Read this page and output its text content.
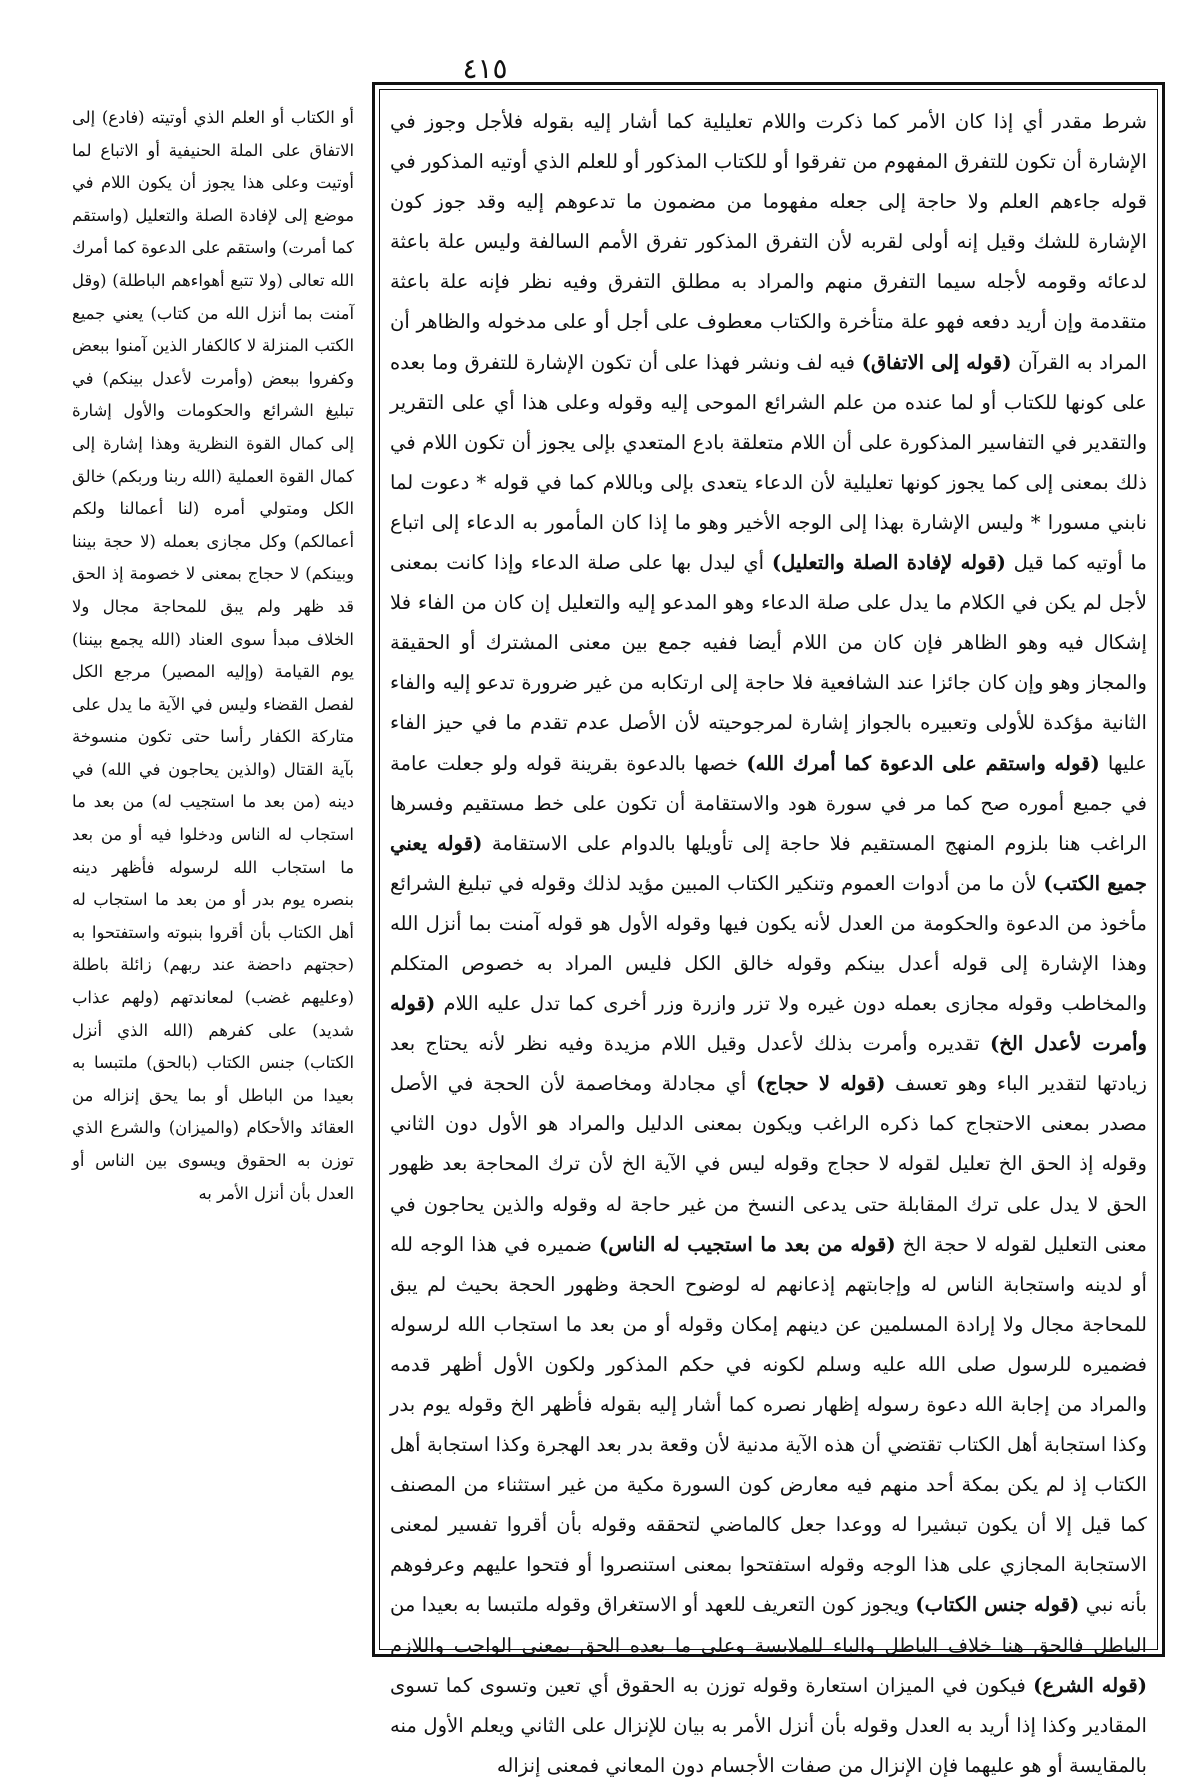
٤١٥

أو الكتاب أو العلم الذي أوتيته (فادع) إلى الاتفاق على الملة الحنيفية أو الاتباع لما أوتيت وعلى هذا يجوز أن يكون اللام في موضع إلى لإفادة الصلة والتعليل (واستقم كما أمرت) واستقم على الدعوة كما أمرك الله تعالى (ولا تتبع أهواءهم الباطلة) (وقل آمنت بما أنزل الله من كتاب) يعني جميع الكتب المنزلة لا كالكفار الذين آمنوا ببعض وكفروا ببعض (وأمرت لأعدل بينكم) في تبليغ الشرائع والحكومات والأول إشارة إلى كمال القوة النظرية وهذا إشارة إلى كمال القوة العملية (الله ربنا وربكم) خالق الكل ومتولي أمره (لنا أعمالنا ولكم أعمالكم) وكل مجازى بعمله (لا حجة بيننا وبينكم) لا حجاج بمعنى لا خصومة إذ الحق قد ظهر ولم يبق للمحاجة مجال ولا الخلاف مبدأ سوى العناد (الله يجمع بيننا) يوم القيامة (وإليه المصير) مرجع الكل لفصل القضاء وليس في الآية ما يدل على متاركة الكفار رأسا حتى تكون منسوخة بآية القتال (والذين يحاجون في الله) في دينه (من بعد ما استجيب له) من بعد ما استجاب له الناس ودخلوا فيه أو من بعد ما استجاب الله لرسوله فأظهر دينه بنصره يوم بدر أو من بعد ما استجاب له أهل الكتاب بأن أقروا بنبوته واستفتحوا به (حجتهم داحضة عند ربهم) زائلة باطلة (وعليهم غضب) لمعاندتهم (ولهم عذاب شديد) على كفرهم (الله الذي أنزل الكتاب) جنس الكتاب (بالحق) ملتبسا به بعيدا من الباطل أو بما يحق إنزاله من العقائد والأحكام (والميزان) والشرع الذي توزن به الحقوق ويسوى بين الناس أو العدل بأن أنزل الأمر به

شرط مقدر أي إذا كان الأمر كما ذكرت واللام تعليلية كما أشار إليه بقوله فلأجل وجوز في الإشارة أن تكون للتفرق المفهوم من تفرقوا أو للكتاب المذكور أو للعلم الذي أوتيه المذكور في قوله جاءهم العلم ولا حاجة إلى جعله مفهوما من مضمون ما تدعوهم إليه وقد جوز كون الإشارة للشك وقيل إنه أولى لقربه لأن التفرق المذكور تفرق الأمم السالفة وليس علة باعثة لدعائه وقومه لأجله سيما التفرق منهم والمراد به مطلق التفرق وفيه نظر فإنه علة باعثة متقدمة وإن أريد دفعه فهو علة متأخرة والكتاب معطوف على أجل أو على مدخوله والظاهر أن المراد به القرآن (قوله إلى الاتفاق) فيه لف ونشر فهذا على أن تكون الإشارة للتفرق وما بعده على كونها للكتاب أو لما عنده من علم الشرائع الموحى إليه وقوله وعلى هذا أي على التقرير والتقدير في التفاسير المذكورة على أن اللام متعلقة بادع المتعدي بإلى يجوز أن تكون اللام في ذلك بمعنى إلى كما يجوز كونها تعليلية لأن الدعاء يتعدى بإلى وباللام كما في قوله * دعوت لما نابني مسورا * وليس الإشارة بهذا إلى الوجه الأخير وهو ما إذا كان المأمور به الدعاء إلى اتباع ما أوتيه كما قيل (قوله لإفادة الصلة والتعليل) أي ليدل بها على صلة الدعاء وإذا كانت بمعنى لأجل لم يكن في الكلام ما يدل على صلة الدعاء وهو المدعو إليه والتعليل إن كان من الفاء فلا إشكال فيه وهو الظاهر فإن كان من اللام أيضا ففيه جمع بين معنى المشترك أو الحقيقة والمجاز وهو وإن كان جائزا عند الشافعية فلا حاجة إلى ارتكابه من غير ضرورة تدعو إليه والفاء الثانية مؤكدة للأولى وتعبيره بالجواز إشارة لمرجوحيته لأن الأصل عدم تقدم ما في حيز الفاء عليها (قوله واستقم على الدعوة كما أمرك الله) خصها بالدعوة بقرينة قوله ولو جعلت عامة في جميع أموره صح كما مر في سورة هود والاستقامة أن تكون على خط مستقيم وفسرها الراغب هنا بلزوم المنهج المستقيم فلا حاجة إلى تأويلها بالدوام على الاستقامة (قوله يعني جميع الكتب) لأن ما من أدوات العموم وتنكير الكتاب المبين مؤيد لذلك وقوله في تبليغ الشرائع مأخوذ من الدعوة والحكومة من العدل لأنه يكون فيها وقوله الأول هو قوله آمنت بما أنزل الله وهذا الإشارة إلى قوله أعدل بينكم وقوله خالق الكل فليس المراد به خصوص المتكلم والمخاطب وقوله مجازى بعمله دون غيره ولا تزر وازرة وزر أخرى كما تدل عليه اللام (قوله وأمرت لأعدل الخ) تقديره وأمرت بذلك لأعدل وقيل اللام مزيدة وفيه نظر لأنه يحتاج بعد زيادتها لتقدير الباء وهو تعسف (قوله لا حجاج) أي مجادلة ومخاصمة لأن الحجة في الأصل مصدر بمعنى الاحتجاج كما ذكره الراغب ويكون بمعنى الدليل والمراد هو الأول دون الثاني وقوله إذ الحق الخ تعليل لقوله لا حجاج وقوله ليس في الآية الخ لأن ترك المحاجة بعد ظهور الحق لا يدل على ترك المقابلة حتى يدعى النسخ من غير حاجة له وقوله والذين يحاجون في معنى التعليل لقوله لا حجة الخ (قوله من بعد ما استجيب له الناس) ضميره في هذا الوجه لله أو لدينه واستجابة الناس له وإجابتهم إذعانهم له لوضوح الحجة وظهور الحجة بحيث لم يبق للمحاجة مجال ولا إرادة المسلمين عن دينهم إمكان وقوله أو من بعد ما استجاب الله لرسوله فضميره للرسول صلى الله عليه وسلم لكونه في حكم المذكور ولكون الأول أظهر قدمه والمراد من إجابة الله دعوة رسوله إظهار نصره كما أشار إليه بقوله فأظهر الخ وقوله يوم بدر وكذا استجابة أهل الكتاب تقتضي أن هذه الآية مدنية لأن وقعة بدر بعد الهجرة وكذا استجابة أهل الكتاب إذ لم يكن بمكة أحد منهم فيه معارض كون السورة مكية من غير استثناء من المصنف كما قيل إلا أن يكون تبشيرا له ووعدا جعل كالماضي لتحققه وقوله بأن أقروا تفسير لمعنى الاستجابة المجازي على هذا الوجه وقوله استفتحوا بمعنى استنصروا أو فتحوا عليهم وعرفوهم بأنه نبي (قوله جنس الكتاب) ويجوز كون التعريف للعهد أو الاستغراق وقوله ملتبسا به بعيدا من الباطل فالحق هنا خلاف الباطل والباء للملابسة وعلى ما بعده الحق بمعنى الواجب واللازم (قوله الشرع) فيكون في الميزان استعارة وقوله توزن به الحقوق أي تعين وتسوى كما تسوى المقادير وكذا إذا أريد به العدل وقوله بأن أنزل الأمر به بيان للإنزال على الثاني ويعلم الأول منه بالمقايسة أو هو عليهما فإن الإنزال من صفات الأجسام دون المعاني فمعنى إنزاله
